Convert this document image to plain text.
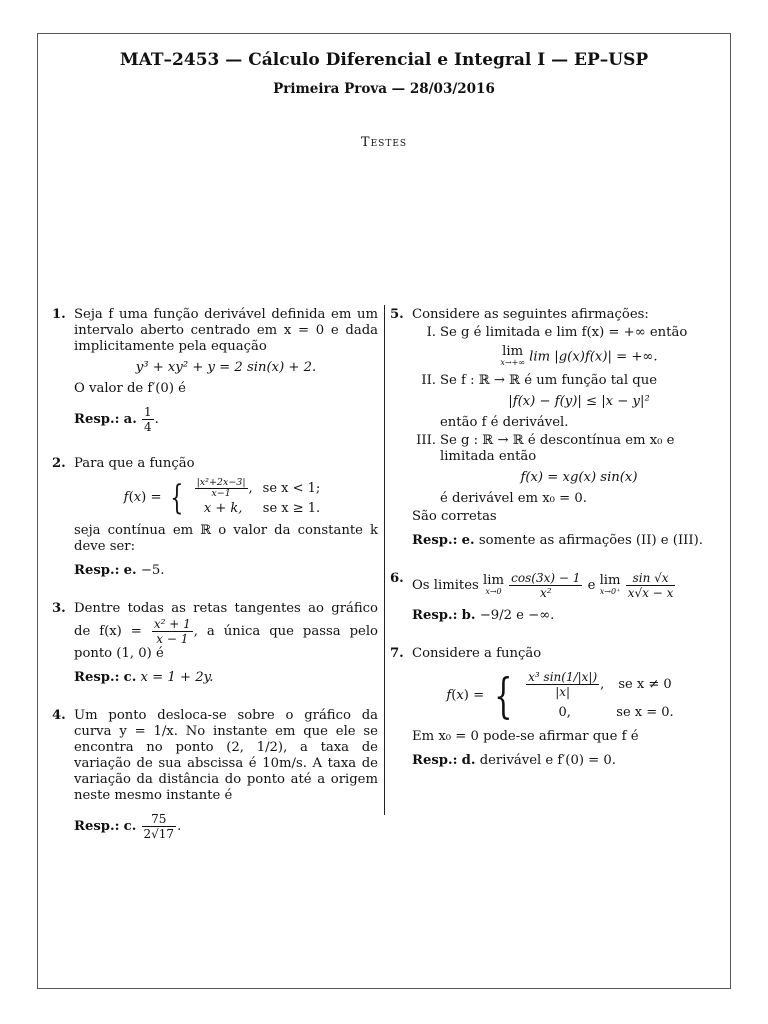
MAT–2453 — Cálculo Diferencial e Integral I — EP–USP
Primeira Prova — 28/03/2016
Testes
1. Seja f uma função derivável definida em um intervalo aberto centrado em x = 0 e dada implicitamente pela equação

y³ + xy² + y = 2 sin(x) + 2.

O valor de f′(0) é

Resp.: a. $\frac{1}{4}$ .
2. Para que a função

f(x) = { $\frac{\text{|x²+2x−3|}}{x-1}$ ,	se x < 1;
x + k,	se x ≥ 1.

seja contínua em ℝ o valor da constante k deve ser:

Resp.: e. −5.
3. Dentre todas as retas tangentes ao gráfico de $f(x) = \frac{\text{x² + 1}}{x - 1}$ , a única que passa pelo ponto (1, 0) é

Resp.: c. x = 1 + 2y.
4. Um ponto desloca-se sobre o gráfico da curva y = 1/x. No instante em que ele se encontra no ponto (2, 1/2), a taxa de variação de sua abscissa é 10m/s. A taxa de variação da distância do ponto até a origem neste mesmo instante é

Resp.: c. $\frac{75}{2√17}$ .
5. Considere as seguintes afirmações:

I. Se g é limitada e lim f(x) = +∞ então
lim
x→+∞ lim |g(x)f(x)| = +∞.
II. Se f : ℝ → ℝ é um função tal que
|f(x) − f(y)| ≤ |x − y|²
então f é derivável.
III. Se g : ℝ → ℝ é descontínua em x₀ e limitada então
f(x) = xg(x) sin(x)
é derivável em x₀ = 0.

São corretas

Resp.: e. somente as afirmações (II) e (III).
6. Os limites lim
x→0
$\frac{\cos(3x) - 1}{\text{x²}}$ e lim
x→0⁺
$\frac{\sin √x}{x√x - x}$

Resp.: b. −9/2 e −∞.
7. Considere a função

f(x) = { $\frac{\text{x³ sin(1/|x|)}}{|x|}$ ,	se x ≠ 0
0,	se x = 0.

Em x₀ = 0 pode-se afirmar que f é

Resp.: d. derivável e f′(0) = 0.
